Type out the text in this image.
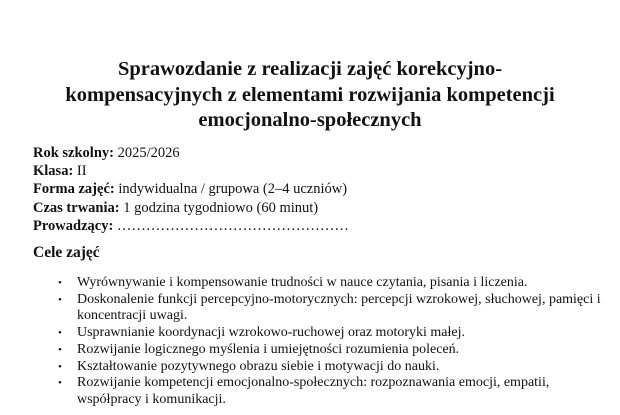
Sprawozdanie z realizacji zajęć korekcyjno-
kompensacyjnych z elementami rozwijania kompetencji
emocjonalno-społecznych
Rok szkolny: 2025/2026
Klasa: II
Forma zajęć: indywidualna / grupowa (2–4 uczniów)
Czas trwania: 1 godzina tygodniowo (60 minut)
Prowadzący: …………………………………………
Cele zajęć
• Wyrównywanie i kompensowanie trudności w nauce czytania, pisania i liczenia.
• Doskonalenie funkcji percepcyjno-motorycznych: percepcji wzrokowej, słuchowej, pamięci i koncentracji uwagi.
• Usprawnianie koordynacji wzrokowo-ruchowej oraz motoryki małej.
• Rozwijanie logicznego myślenia i umiejętności rozumienia poleceń.
• Kształtowanie pozytywnego obrazu siebie i motywacji do nauki.
• Rozwijanie kompetencji emocjonalno-społecznych: rozpoznawania emocji, empatii, współpracy i komunikacji.
